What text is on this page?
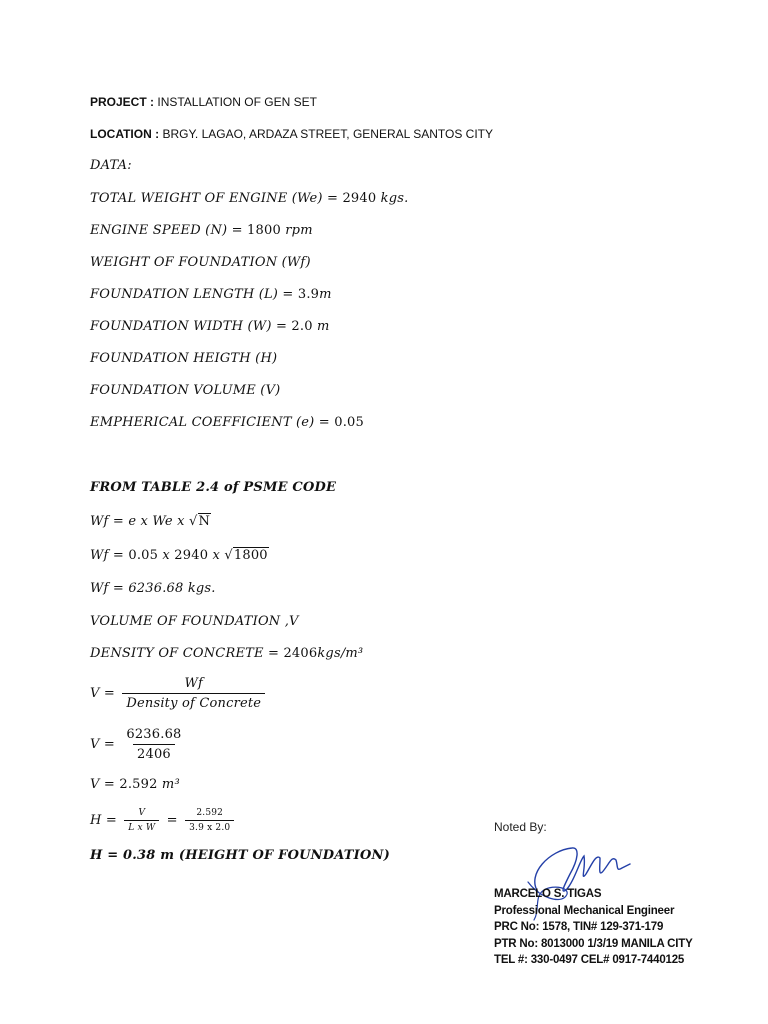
PROJECT : INSTALLATION OF GEN SET
LOCATION : BRGY. LAGAO, ARDAZA STREET, GENERAL SANTOS CITY
DATA:
TOTAL WEIGHT OF ENGINE (We) = 2940 kgs.
ENGINE SPEED (N) = 1800 rpm
WEIGHT OF FOUNDATION (Wf)
FOUNDATION LENGTH (L) = 3.9m
FOUNDATION WIDTH (W) = 2.0 m
FOUNDATION HEIGTH (H)
FOUNDATION VOLUME (V)
EMPHERICAL COEFFICIENT (e) = 0.05
FROM TABLE 2.4 of PSME CODE
Wf = e x We x √N
Wf = 0.05 x 2940 x √1800
Wf = 6236.68 kgs.
VOLUME OF FOUNDATION ,V
DENSITY OF CONCRETE = 2406kgs/m³
$V = \frac{Wf}{\text{Density of Concrete}}$
$V = \frac{6236.68}{2406}$
V = 2.592 m³
$H = \frac{V}{\text{L x W}} = \frac{2.592}{3.9 x 2.0}$
H = 0.38 m (HEIGHT OF FOUNDATION)
Noted By:
MARCELO S. TIGAS
Professional Mechanical Engineer
PRC No: 1578, TIN# 129-371-179
PTR No: 8013000 1/3/19 MANILA CITY
TEL #: 330-0497 CEL# 0917-7440125
